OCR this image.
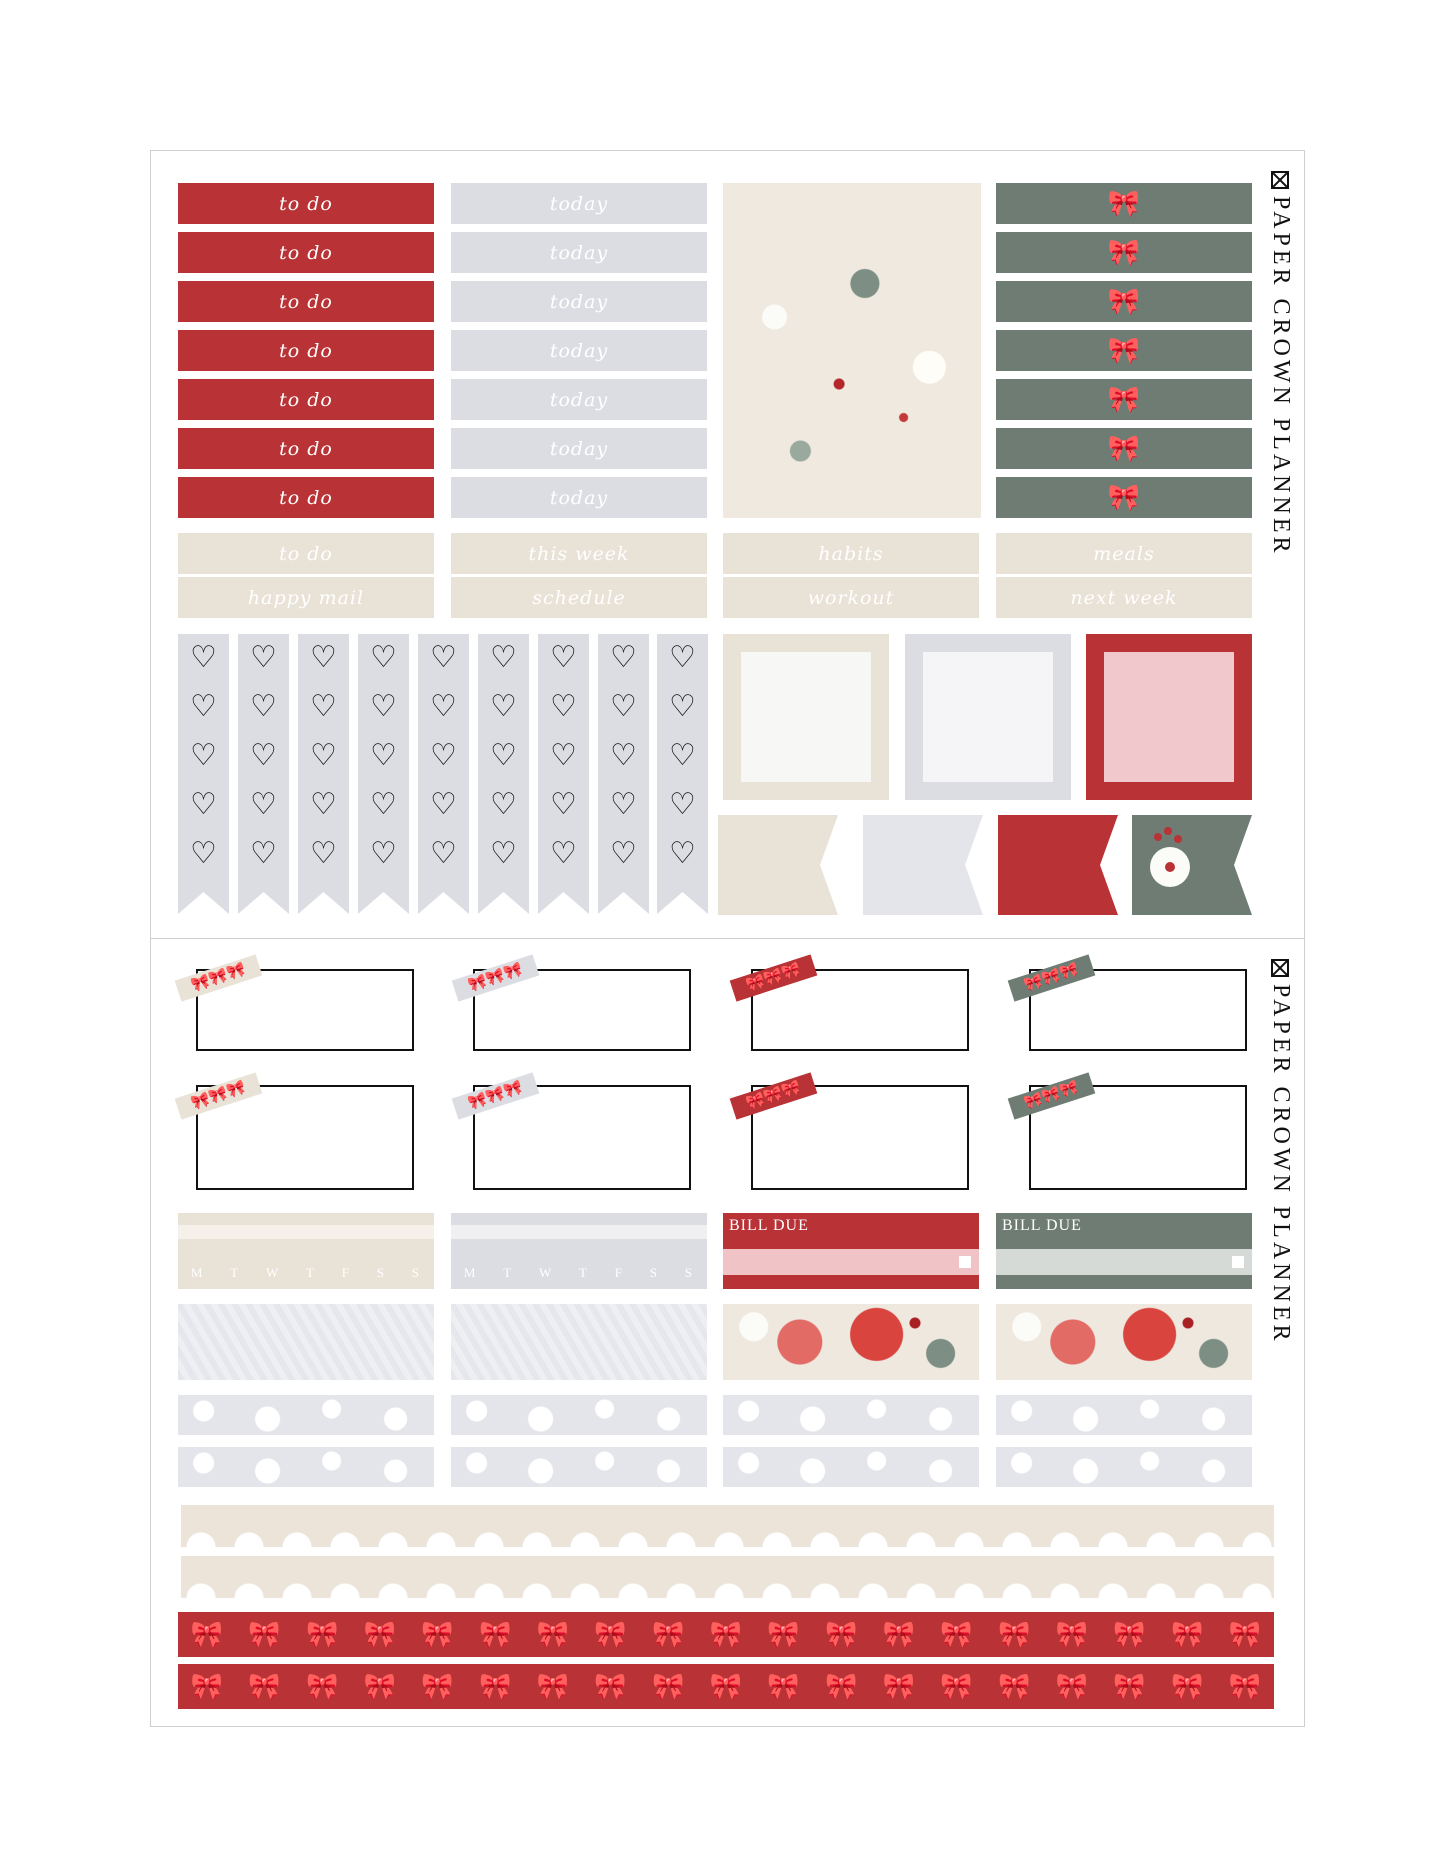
to do
to do
to do
to do
to do
to do
to do
today
today
today
today
today
today
today
🎀
🎀
🎀
🎀
🎀
🎀
🎀
to do
happy mail
this week
schedule
habits
workout
meals
next week
♡
♡
♡
♡
♡
♡
♡
♡
♡
♡
♡
♡
♡
♡
♡
♡
♡
♡
♡
♡
♡
♡
♡
♡
♡
♡
♡
♡
♡
♡
♡
♡
♡
♡
♡
♡
♡
♡
♡
♡
♡
♡
♡
♡
♡
PAPER CROWN PLANNER
🎀🎀🎀	🎀🎀🎀	🎀🎀🎀	🎀🎀🎀
🎀🎀🎀	🎀🎀🎀	🎀🎀🎀	🎀🎀🎀
M T W T F S S	M T W T F S S
BILL DUE	BILL DUE
🎀 🎀 🎀 🎀 🎀 🎀 🎀 🎀 🎀 🎀 🎀 🎀 🎀 🎀 🎀 🎀 🎀 🎀 🎀
🎀 🎀 🎀 🎀 🎀 🎀 🎀 🎀 🎀 🎀 🎀 🎀 🎀 🎀 🎀 🎀 🎀 🎀 🎀
PAPER CROWN PLANNER
